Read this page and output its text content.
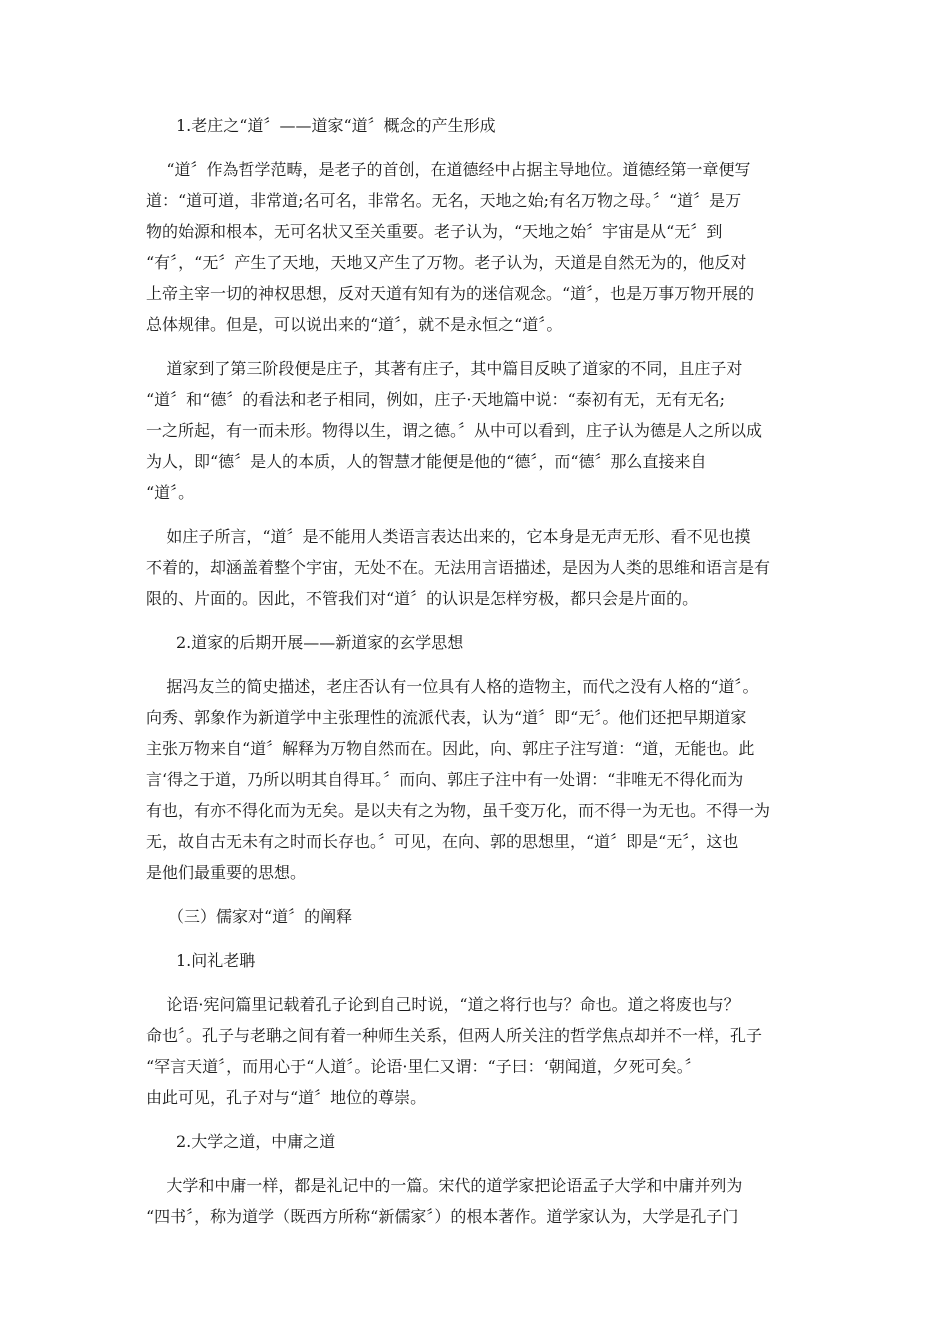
1.老庄之“道〞——道家“道〞概念的产生形成
“道〞作為哲学范畴，是老子的首创，在道德经中占据主导地位。道德经第一章便写
道：“道可道，非常道;名可名，非常名。无名，天地之始;有名万物之母。〞“道〞是万
物的始源和根本，无可名状又至关重要。老子认为，“天地之始〞宇宙是从“无〞到
“有〞，“无〞产生了天地，天地又产生了万物。老子认为，天道是自然无为的，他反对
上帝主宰一切的神权思想，反对天道有知有为的迷信观念。“道〞，也是万事万物开展的
总体规律。但是，可以说出来的“道〞，就不是永恒之“道〞。
道家到了第三阶段便是庄子，其著有庄子，其中篇目反映了道家的不同，且庄子对
“道〞和“德〞的看法和老子相同，例如，庄子·天地篇中说：“泰初有无，无有无名;
一之所起，有一而未形。物得以生，谓之德。〞从中可以看到，庄子认为德是人之所以成
为人，即“德〞是人的本质，人的智慧才能便是他的“德〞，而“德〞那么直接来自
“道〞。
如庄子所言，“道〞是不能用人类语言表达出来的，它本身是无声无形、看不见也摸
不着的，却涵盖着整个宇宙，无处不在。无法用言语描述，是因为人类的思维和语言是有
限的、片面的。因此，不管我们对“道〞的认识是怎样穷极，都只会是片面的。
2.道家的后期开展——新道家的玄学思想
据冯友兰的简史描述，老庄否认有一位具有人格的造物主，而代之没有人格的“道〞。
向秀、郭象作为新道学中主张理性的流派代表，认为“道〞即“无〞。他们还把早期道家
主张万物来自“道〞解释为万物自然而在。因此，向、郭庄子注写道：“道，无能也。此
言‘得之于道，乃所以明其自得耳。〞而向、郭庄子注中有一处谓：“非唯无不得化而为
有也，有亦不得化而为无矣。是以夫有之为物，虽千变万化，而不得一为无也。不得一为
无，故自古无未有之时而长存也。〞可见，在向、郭的思想里，“道〞即是“无〞，这也
是他们最重要的思想。
（三）儒家对“道〞的阐释
1.问礼老聃
论语·宪问篇里记载着孔子论到自己时说，“道之将行也与？命也。道之将废也与？
命也〞。孔子与老聃之间有着一种师生关系，但两人所关注的哲学焦点却并不一样，孔子
“罕言天道〞，而用心于“人道〞。论语·里仁又谓：“子曰：‘朝闻道，夕死可矣。〞
由此可见，孔子对与“道〞地位的尊崇。
2.大学之道，中庸之道
大学和中庸一样，都是礼记中的一篇。宋代的道学家把论语孟子大学和中庸并列为
“四书〞，称为道学（既西方所称“新儒家〞）的根本著作。道学家认为，大学是孔子门
